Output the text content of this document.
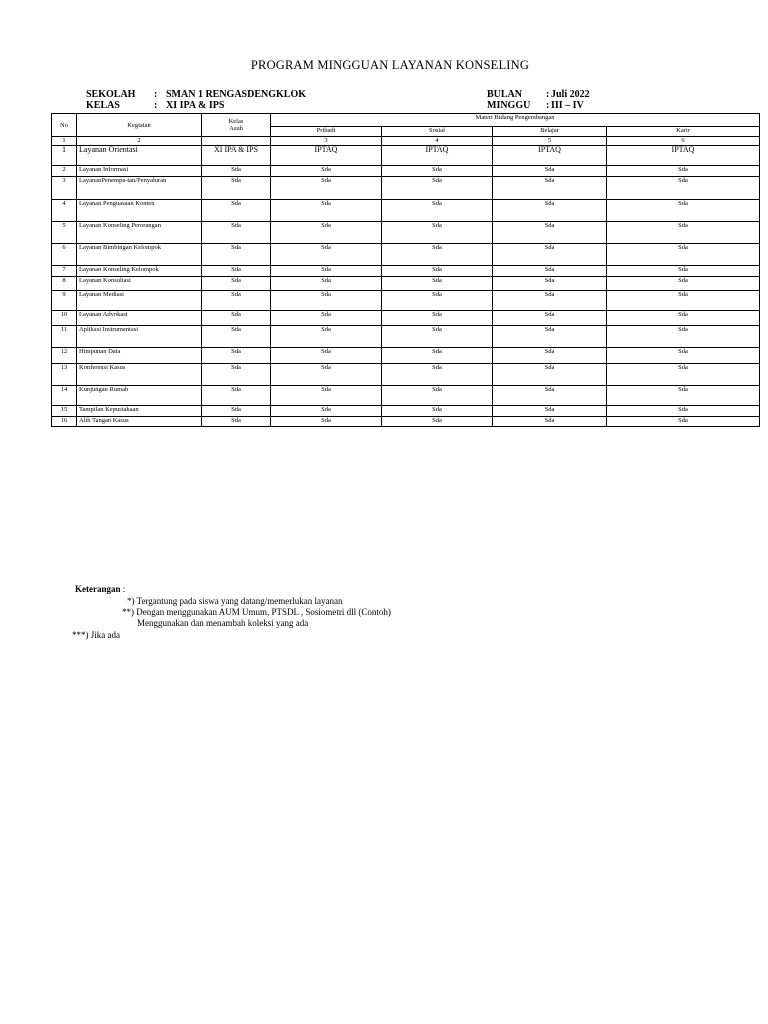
PROGRAM MINGGUAN LAYANAN KONSELING
SEKOLAH : SMAN 1 RENGASDENGKLOK
KELAS	: XI IPA & IPS
BULAN : Juli 2022
MINGGU : III – IV
No	Kegiatan	Kelas
Asuh	Materi Bidang Pengembangan			
			Pribadi	Sosial	Belajar	Karir
1	2		3	4	5	6
1	Layanan Orientasi	XI IPA & IPS	IPTAQ	IPTAQ	IPTAQ	IPTAQ
2	Layanan Informasi	Sda	Sda	Sda	Sda	Sda
3	LayananPenempa-tan/Penyaluran	Sda	Sda	Sda	Sda	Sda
4	Layanan Penguasaan Konten	Sda	Sda	Sda	Sda	Sda
5	Layanan Konseling Perorangan	Sda	Sda	Sda	Sda	Sda
6	Layanan Bimbingan Kelompok	Sda	Sda	Sda	Sda	Sda
7	Layanan Konseling Kelompok	Sda	Sda	Sda	Sda	Sda
8	Layanan Konsultasi	Sda	Sda	Sda	Sda	Sda
9	Layanan Mediasi	Sda	Sda	Sda	Sda	Sda
10	Layanan Advokasi	Sda	Sda	Sda	Sda	Sda
11	Aplikasi Instrumentasi	Sda	Sda	Sda	Sda	Sda
12	Himpunan Data	Sda	Sda	Sda	Sda	Sda
13	Konferensi Kasus	Sda	Sda	Sda	Sda	Sda
14	Kunjungan Rumah	Sda	Sda	Sda	Sda	Sda
15	Tampilan Kepustakaan	Sda	Sda	Sda	Sda	Sda
16	Alih Tangan Kasus	Sda	Sda	Sda	Sda	Sda
Keterangan :
*) Tergantung pada siswa yang datang/memerlukan layanan
**) Dengan menggunakan AUM Umum, PTSDL , Sosiometri dll (Contoh)
Menggunakan dan menambah koleksi yang ada
***) Jika ada
